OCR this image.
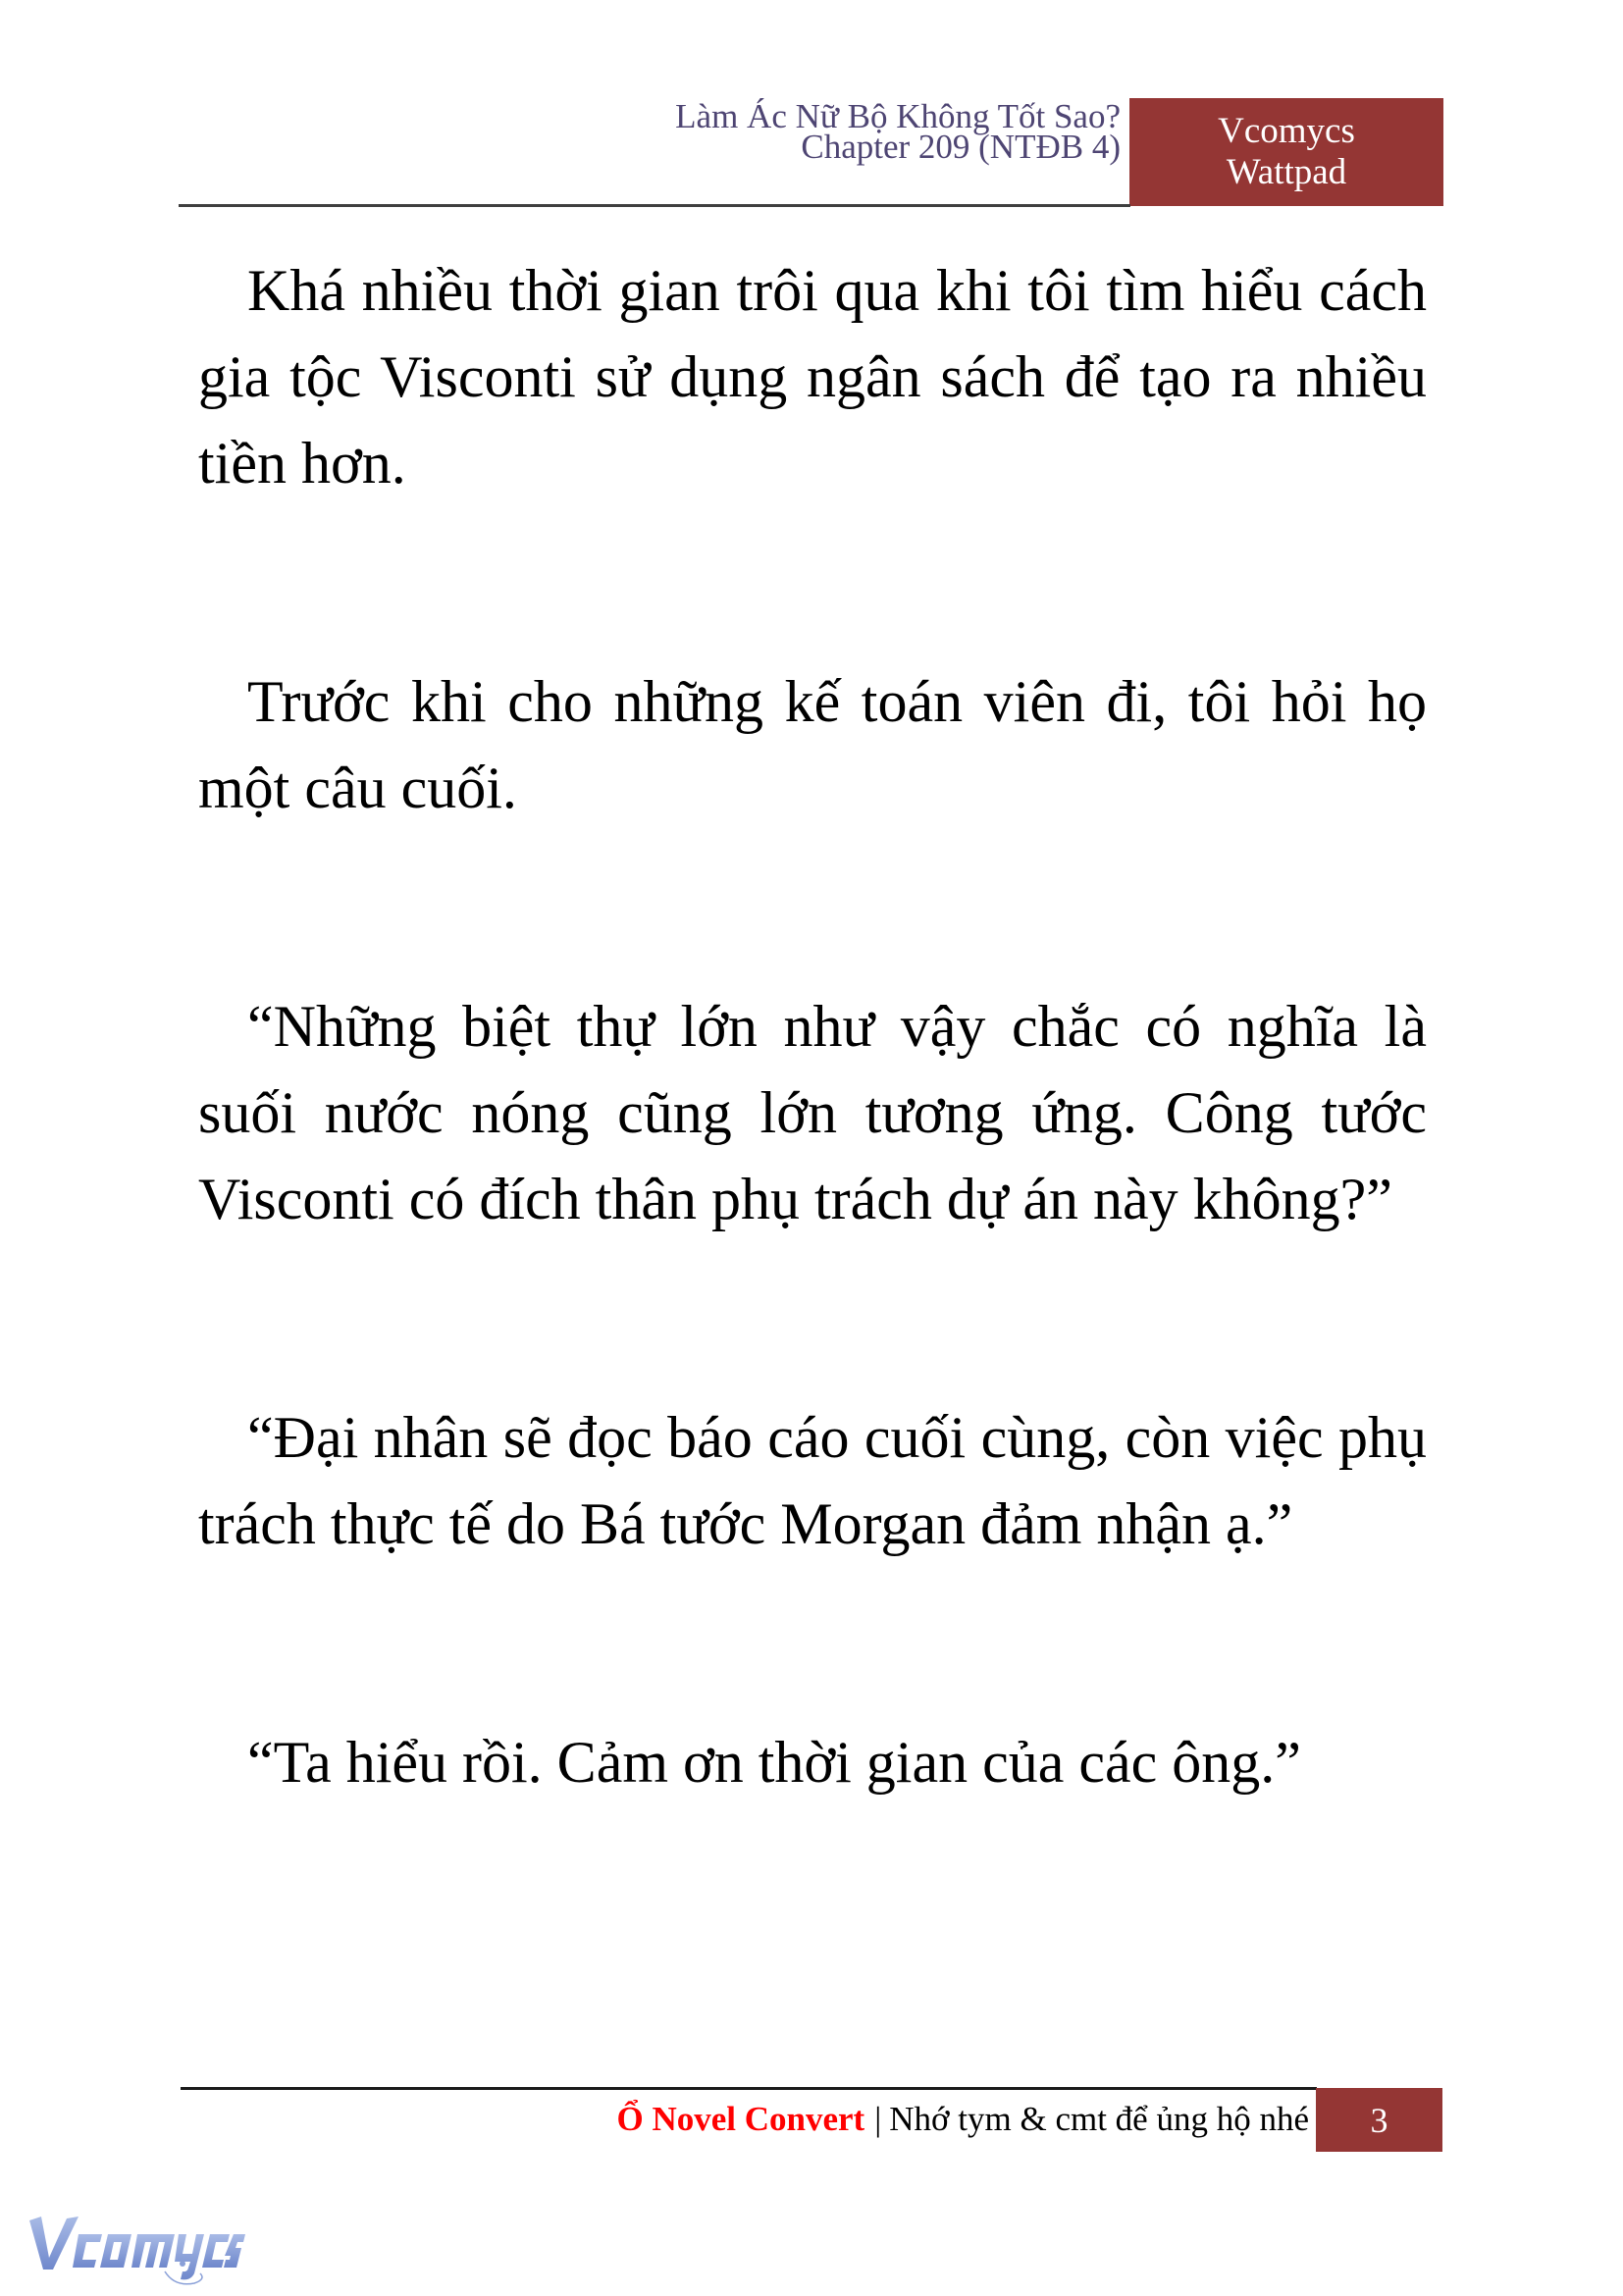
Làm Ác Nữ Bộ Không Tốt Sao?
Chapter 209 (NTĐB 4)	Vcomycs
Wattpad

Khá nhiều thời gian trôi qua khi tôi tìm hiểu cách gia tộc Visconti sử dụng ngân sách để tạo ra nhiều tiền hơn.

Trước khi cho những kế toán viên đi, tôi hỏi họ một câu cuối.

“Những biệt thự lớn như vậy chắc có nghĩa là suối nước nóng cũng lớn tương ứng. Công tước Visconti có đích thân phụ trách dự án này không?”

“Đại nhân sẽ đọc báo cáo cuối cùng, còn việc phụ trách thực tế do Bá tước Morgan đảm nhận ạ.”

“Ta hiểu rồi. Cảm ơn thời gian của các ông.”

Ổ Novel Convert | Nhớ tym & cmt để ủng hộ nhé 3
